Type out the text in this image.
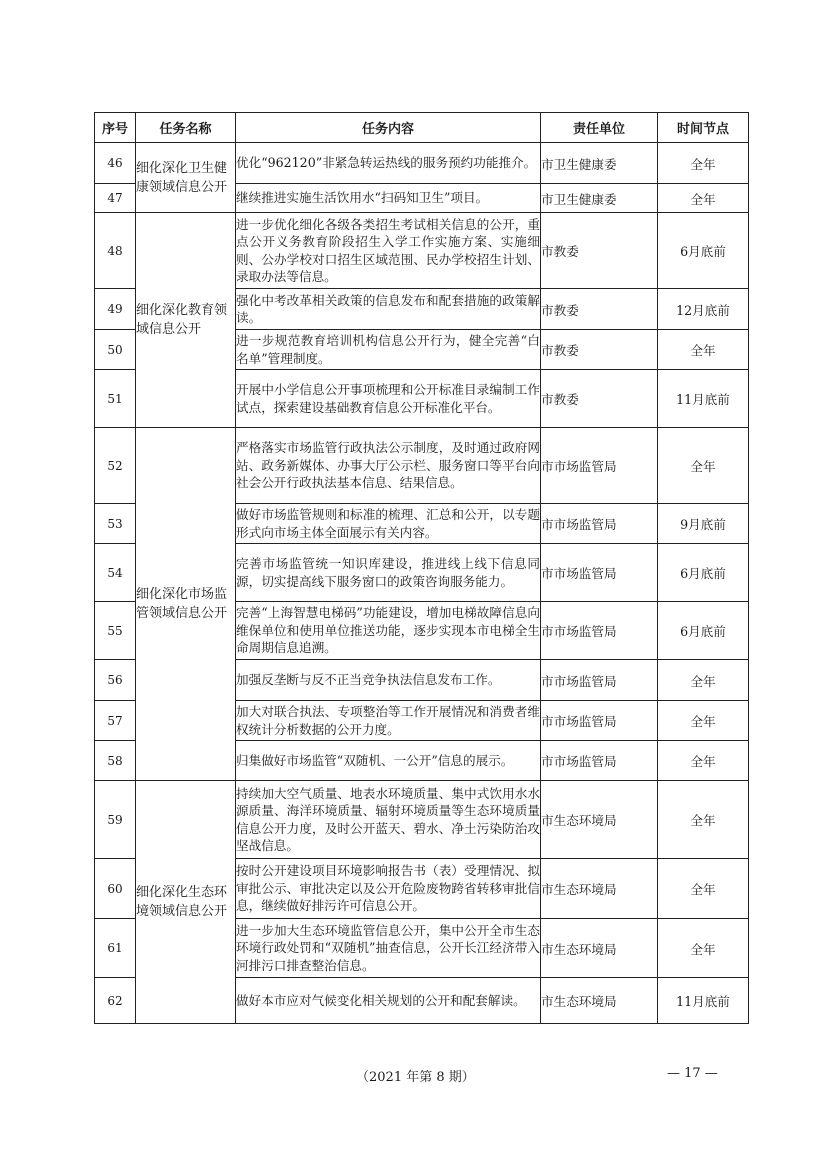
序号	任务名称	任务内容	责任单位	时间节点
46	细化深化卫生健康领域信息公开	优化“962120”非紧急转运热线的服务预约功能推介。	市卫生健康委	全年
47		继续推进实施生活饮用水“扫码知卫生”项目。	市卫生健康委	全年
48	细化深化教育领域信息公开	进一步优化细化各级各类招生考试相关信息的公开，重点公开义务教育阶段招生入学工作实施方案、实施细则、公办学校对口招生区域范围、民办学校招生计划、录取办法等信息。	市教委	6月底前
49		强化中考改革相关政策的信息发布和配套措施的政策解读。	市教委	12月底前
50		进一步规范教育培训机构信息公开行为，健全完善“白名单”管理制度。	市教委	全年
51		开展中小学信息公开事项梳理和公开标准目录编制工作试点，探索建设基础教育信息公开标准化平台。	市教委	11月底前
52	细化深化市场监管领域信息公开	严格落实市场监管行政执法公示制度，及时通过政府网站、政务新媒体、办事大厅公示栏、服务窗口等平台向社会公开行政执法基本信息、结果信息。	市市场监管局	全年
53		做好市场监管规则和标准的梳理、汇总和公开，以专题形式向市场主体全面展示有关内容。	市市场监管局	9月底前
54		完善市场监管统一知识库建设，推进线上线下信息同源，切实提高线下服务窗口的政策咨询服务能力。	市市场监管局	6月底前
55		完善“上海智慧电梯码”功能建设，增加电梯故障信息向维保单位和使用单位推送功能，逐步实现本市电梯全生命周期信息追溯。	市市场监管局	6月底前
56		加强反垄断与反不正当竞争执法信息发布工作。	市市场监管局	全年
57		加大对联合执法、专项整治等工作开展情况和消费者维权统计分析数据的公开力度。	市市场监管局	全年
58		归集做好市场监管“双随机、一公开”信息的展示。	市市场监管局	全年
59	细化深化生态环境领域信息公开	持续加大空气质量、地表水环境质量、集中式饮用水水源质量、海洋环境质量、辐射环境质量等生态环境质量信息公开力度，及时公开蓝天、碧水、净土污染防治攻坚战信息。	市生态环境局	全年
60		按时公开建设项目环境影响报告书（表）受理情况、拟审批公示、审批决定以及公开危险废物跨省转移审批信息，继续做好排污许可信息公开。	市生态环境局	全年
61		进一步加大生态环境监管信息公开，集中公开全市生态环境行政处罚和“双随机”抽查信息，公开长江经济带入河排污口排查整治信息。	市生态环境局	全年
62		做好本市应对气候变化相关规划的公开和配套解读。	市生态环境局	11月底前
（2021 年第 8 期）	— 17 —
